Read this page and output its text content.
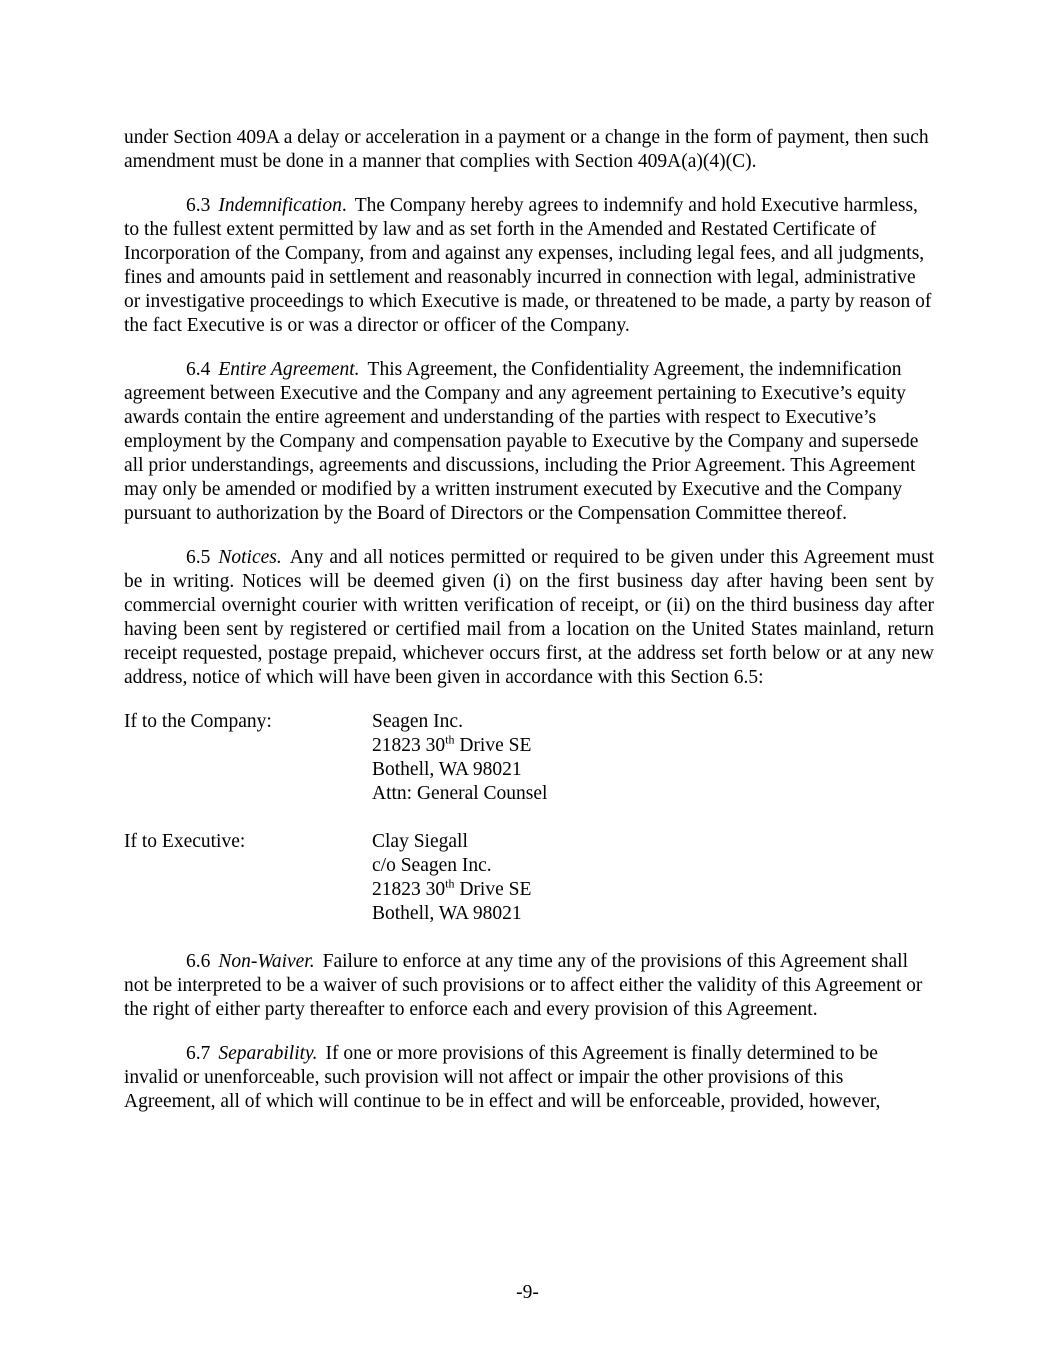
under Section 409A a delay or acceleration in a payment or a change in the form of payment, then such amendment must be done in a manner that complies with Section 409A(a)(4)(C).

6.3 Indemnification. The Company hereby agrees to indemnify and hold Executive harmless, to the fullest extent permitted by law and as set forth in the Amended and Restated Certificate of Incorporation of the Company, from and against any expenses, including legal fees, and all judgments, fines and amounts paid in settlement and reasonably incurred in connection with legal, administrative or investigative proceedings to which Executive is made, or threatened to be made, a party by reason of the fact Executive is or was a director or officer of the Company.

6.4 Entire Agreement. This Agreement, the Confidentiality Agreement, the indemnification agreement between Executive and the Company and any agreement pertaining to Executive’s equity awards contain the entire agreement and understanding of the parties with respect to Executive’s employment by the Company and compensation payable to Executive by the Company and supersede all prior understandings, agreements and discussions, including the Prior Agreement. This Agreement may only be amended or modified by a written instrument executed by Executive and the Company pursuant to authorization by the Board of Directors or the Compensation Committee thereof.

6.5 Notices. Any and all notices permitted or required to be given under this Agreement must be in writing. Notices will be deemed given (i) on the first business day after having been sent by commercial overnight courier with written verification of receipt, or (ii) on the third business day after having been sent by registered or certified mail from a location on the United States mainland, return receipt requested, postage prepaid, whichever occurs first, at the address set forth below or at any new address, notice of which will have been given in accordance with this Section 6.5:

If to the Company:	Seagen Inc.
21823 30th Drive SE
Bothell, WA 98021
Attn: General Counsel
If to Executive:	Clay Siegall
c/o Seagen Inc.
21823 30th Drive SE
Bothell, WA 98021

6.6 Non-Waiver. Failure to enforce at any time any of the provisions of this Agreement shall not be interpreted to be a waiver of such provisions or to affect either the validity of this Agreement or the right of either party thereafter to enforce each and every provision of this Agreement.

6.7 Separability. If one or more provisions of this Agreement is finally determined to be invalid or unenforceable, such provision will not affect or impair the other provisions of this Agreement, all of which will continue to be in effect and will be enforceable, provided, however,

-9-
